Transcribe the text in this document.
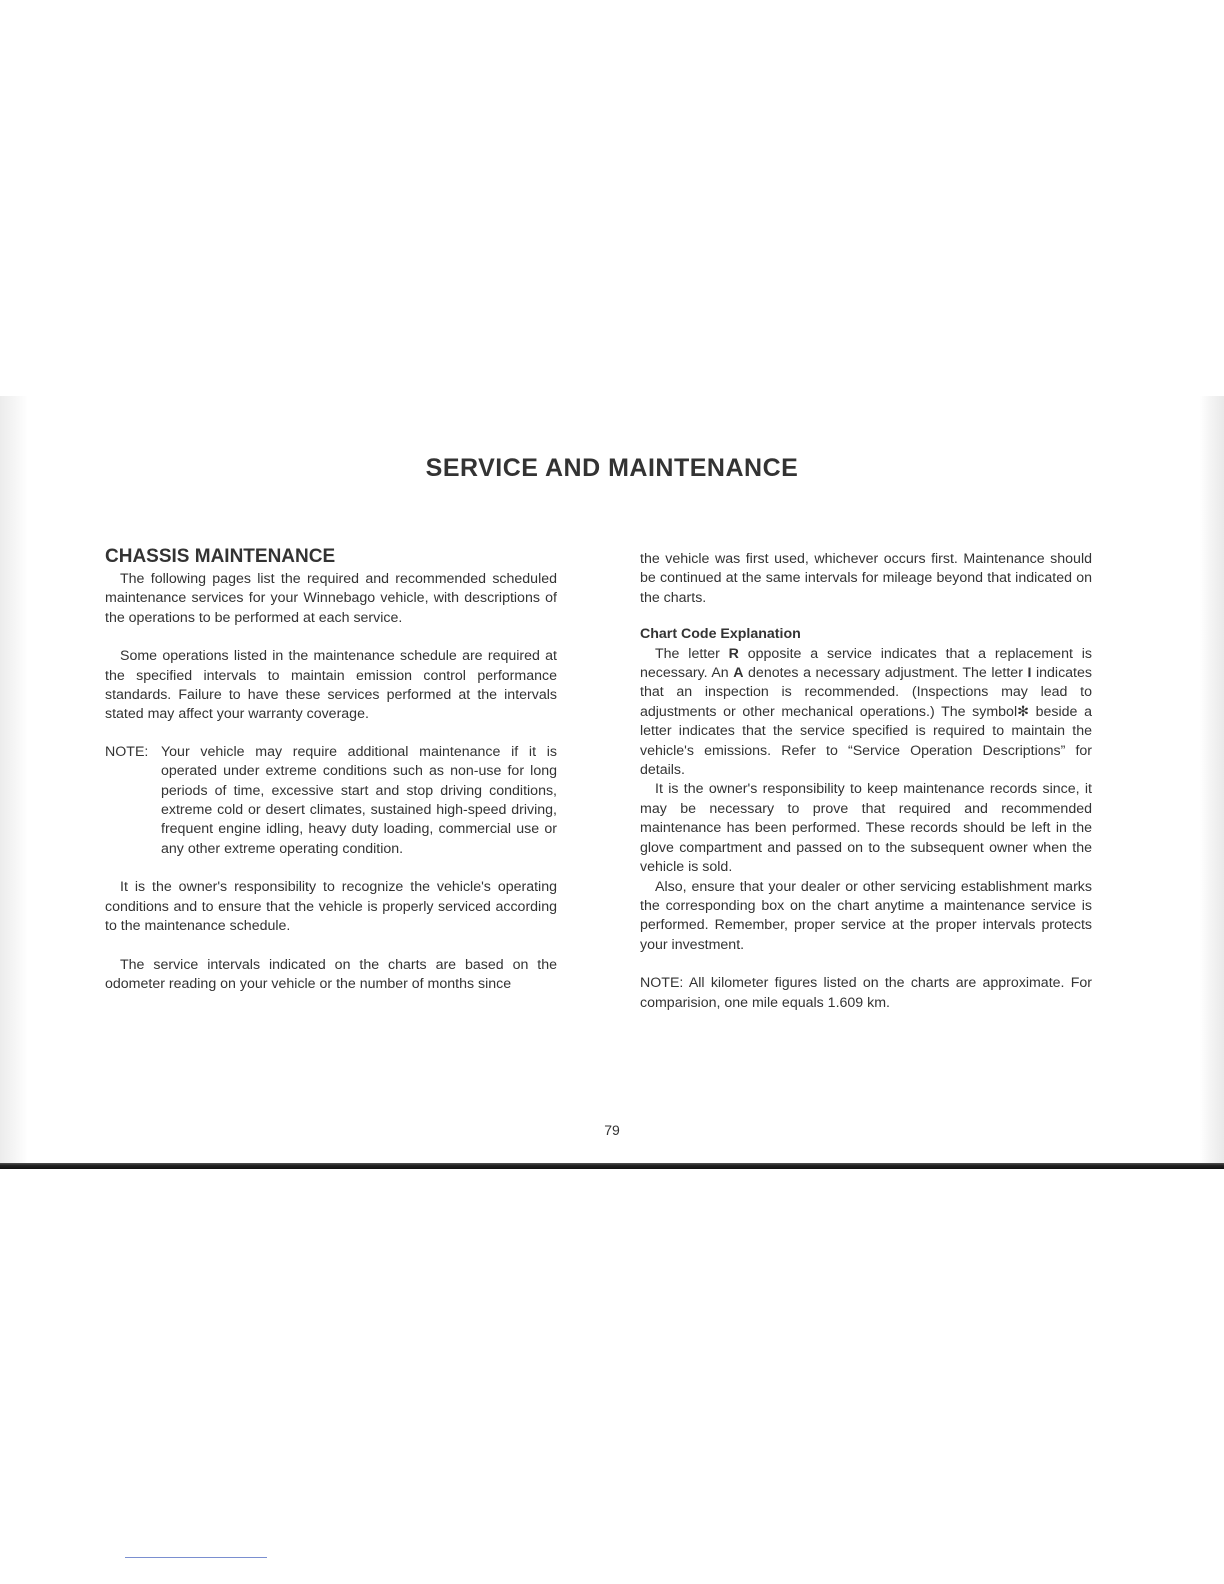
SERVICE AND MAINTENANCE
CHASSIS MAINTENANCE

The following pages list the required and recommended scheduled maintenance services for your Winnebago vehicle, with descriptions of the operations to be performed at each service.

Some operations listed in the maintenance schedule are required at the specified intervals to maintain emission control performance standards. Failure to have these services performed at the intervals stated may affect your warranty coverage.

NOTE: Your vehicle may require additional maintenance if it is operated under extreme conditions such as non-use for long periods of time, excessive start and stop driving conditions, extreme cold or desert climates, sustained high-speed driving, frequent engine idling, heavy duty loading, commercial use or any other extreme operating condition.

It is the owner's responsibility to recognize the vehicle's operating conditions and to ensure that the vehicle is properly serviced according to the maintenance schedule.

The service intervals indicated on the charts are based on the odometer reading on your vehicle or the number of months since

the vehicle was first used, whichever occurs first. Maintenance should be continued at the same intervals for mileage beyond that indicated on the charts.

Chart Code Explanation

The letter R opposite a service indicates that a replacement is necessary. An A denotes a necessary adjustment. The letter I indicates that an inspection is recommended. (Inspections may lead to adjustments or other mechanical operations.) The symbol✻ beside a letter indicates that the service specified is required to maintain the vehicle's emissions. Refer to “Service Operation Descriptions” for details.

It is the owner's responsibility to keep maintenance records since, it may be necessary to prove that required and recommended maintenance has been performed. These records should be left in the glove compartment and passed on to the subsequent owner when the vehicle is sold.

Also, ensure that your dealer or other servicing establishment marks the corresponding box on the chart anytime a maintenance service is performed. Remember, proper service at the proper intervals protects your investment.

NOTE: All kilometer figures listed on the charts are approximate. For comparision, one mile equals 1.609 km.

79
